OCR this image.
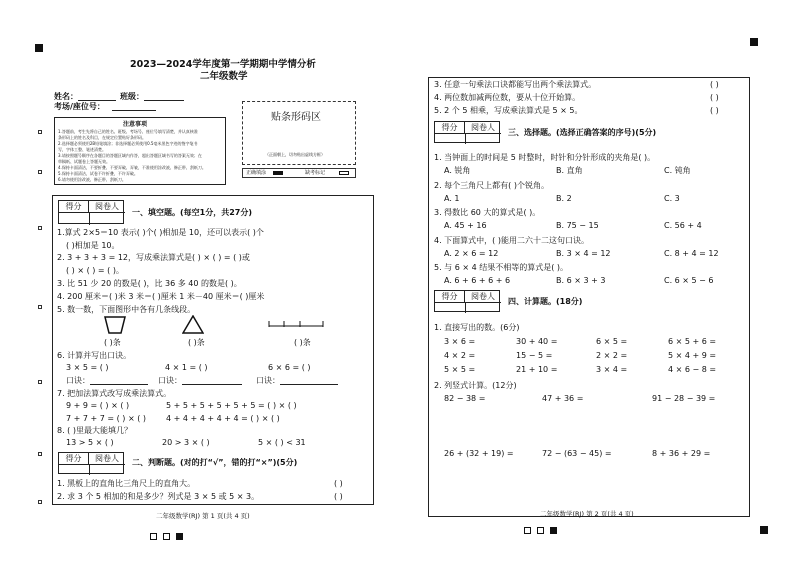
2023—2024学年度第一学期期中学情分析
二年级数学
姓名：	班级：
考场/座位号：
注意事项
1.答题前，考生先将自己的姓名、班级、考场号、座位号填写清楚，并认真核准
条形码上的姓名及科目，在规定位置贴好条形码。
2.选择题必须使用2B铅笔填涂；非选择题必须使用0.5毫米黑色字迹的签字笔书
写，字体工整、笔迹清楚。
3.请按照题号顺序在各题目的答题区域内作答，超出答题区域书写的答案无效；在
草稿纸、试题卷上答题无效。
4.保持卡面清洁，不要折叠、不要弄破、弄皱，不准使用涂改液、修正带、刮纸刀。
5.保持卡面清洁，试卷不许折叠，不许弄破。
6.请勿使用涂改液、修正带、刮纸刀。
贴条形码区
（正面朝上，切勿贴出虚线方框）
正确填涂	缺考标记
得分	阅卷人
一、填空题。(每空1分，共27分)
1.算式 2×5＝10 表示( )个( )相加是 10，还可以表示( )个
( )相加是 10。
2. 3 + 3 + 3 = 12，写成乘法算式是( ) × ( ) = ( )或
( ) × ( ) = ( )。
3. 比 51 少 20 的数是( )，比 36 多 40 的数是( )。
4. 200 厘米＝( )米 3 米＝( )厘米 1 米－40 厘米＝( )厘米
5. 数一数，下面图形中各有几条线段。
( )条	( )条	( )条
6. 计算并写出口诀。
3 × 5 = ( )	4 × 1 = ( )	6 × 6 = ( )
口诀：	口诀：	口诀：
7. 把加法算式改写成乘法算式。
9 + 9 = ( ) × ( )	5 + 5 + 5 + 5 + 5 + 5 = ( ) × ( )
7 + 7 + 7 = ( ) × ( )	4 + 4 + 4 + 4 + 4 = ( ) × ( )
8. ( )里最大能填几？
13 > 5 × ( )	20 > 3 × ( )	5 × ( ) < 31
得分	阅卷人	二、判断题。(对的打“√”，错的打“×”)(5分)
1. 黑板上的直角比三角尺上的直角大。	( )
2. 求 3 个 5 相加的和是多少？列式是 3 × 5 或 5 × 3。	( )
二年级数学(RJ) 第 1 页(共 4 页)
3. 任意一句乘法口诀都能写出两个乘法算式。	( )
4. 两位数加减两位数，要从十位开始算。	( )
5. 2 个 5 相乘，写成乘法算式是 5 × 5。	( )
得分	阅卷人
三、选择题。(选择正确答案的序号)(5分)
1. 当钟面上的时间是 5 时整时，时针和分针形成的夹角是( )。
A. 锐角	B. 直角	C. 钝角
2. 每个三角尺上都有( )个锐角。
A. 1	B. 2	C. 3
3. 得数比 60 大的算式是( )。
A. 45 + 16	B. 75 − 15	C. 56 + 4
4. 下面算式中，( )能用二六十二这句口诀。
A. 2 × 6 = 12	B. 3 × 4 = 12	C. 8 + 4 = 12
5. 与 6 × 4 结果不相等的算式是( )。
A. 6 + 6 + 6 + 6	B. 6 × 3 + 3	C. 6 × 5 − 6
得分	阅卷人
四、计算题。(18分)
1. 直接写出的数。(6分)
3 × 6 =	30 + 40 =	6 × 5 =	6 × 5 + 6 =
4 × 2 =	15 − 5 =	2 × 2 =	5 × 4 + 9 =
5 × 5 =	21 + 10 =	3 × 4 =	4 × 6 − 8 =
2. 列竖式计算。(12分)
82 − 38 =	47 + 36 =	91 − 28 − 39 =
26 + (32 + 19) =	72 − (63 − 45) =	8 + 36 + 29 =
二年级数学(RJ) 第 2 页(共 4 页)
